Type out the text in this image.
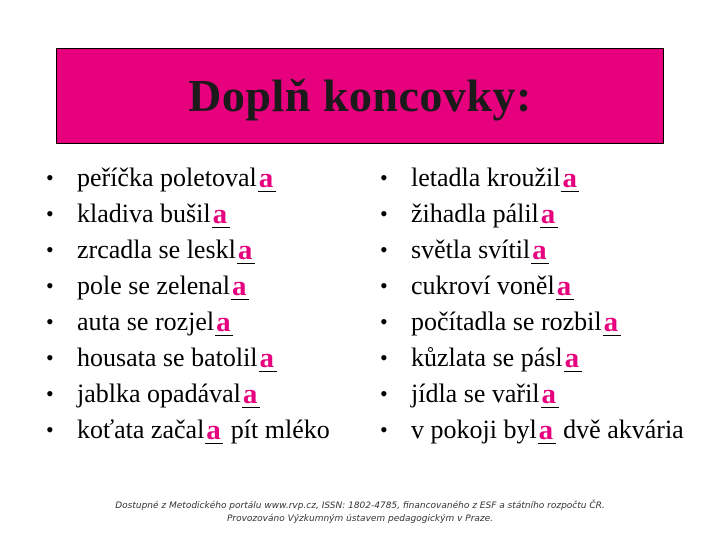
Doplň koncovky:
• peříčka poletoval a
• kladiva bušil a
• zrcadla se leskl a
• pole se zelenal a
• auta se rozjel a
• housata se batolil a
• jablka opadával a
• koťata začal a pít mléko
• letadla kroužil a
• žihadla pálil a
• světla svítil a
• cukroví voněl a
• počítadla se rozbil a
• kůzlata se pásl a
• jídla se vařil a
• v pokoji byl a dvě akvária
Dostupné z Metodického portálu www.rvp.cz, ISSN: 1802-4785, financovaného z ESF a státního rozpočtu ČR.
Provozováno Výzkumným ústavem pedagogickým v Praze.
